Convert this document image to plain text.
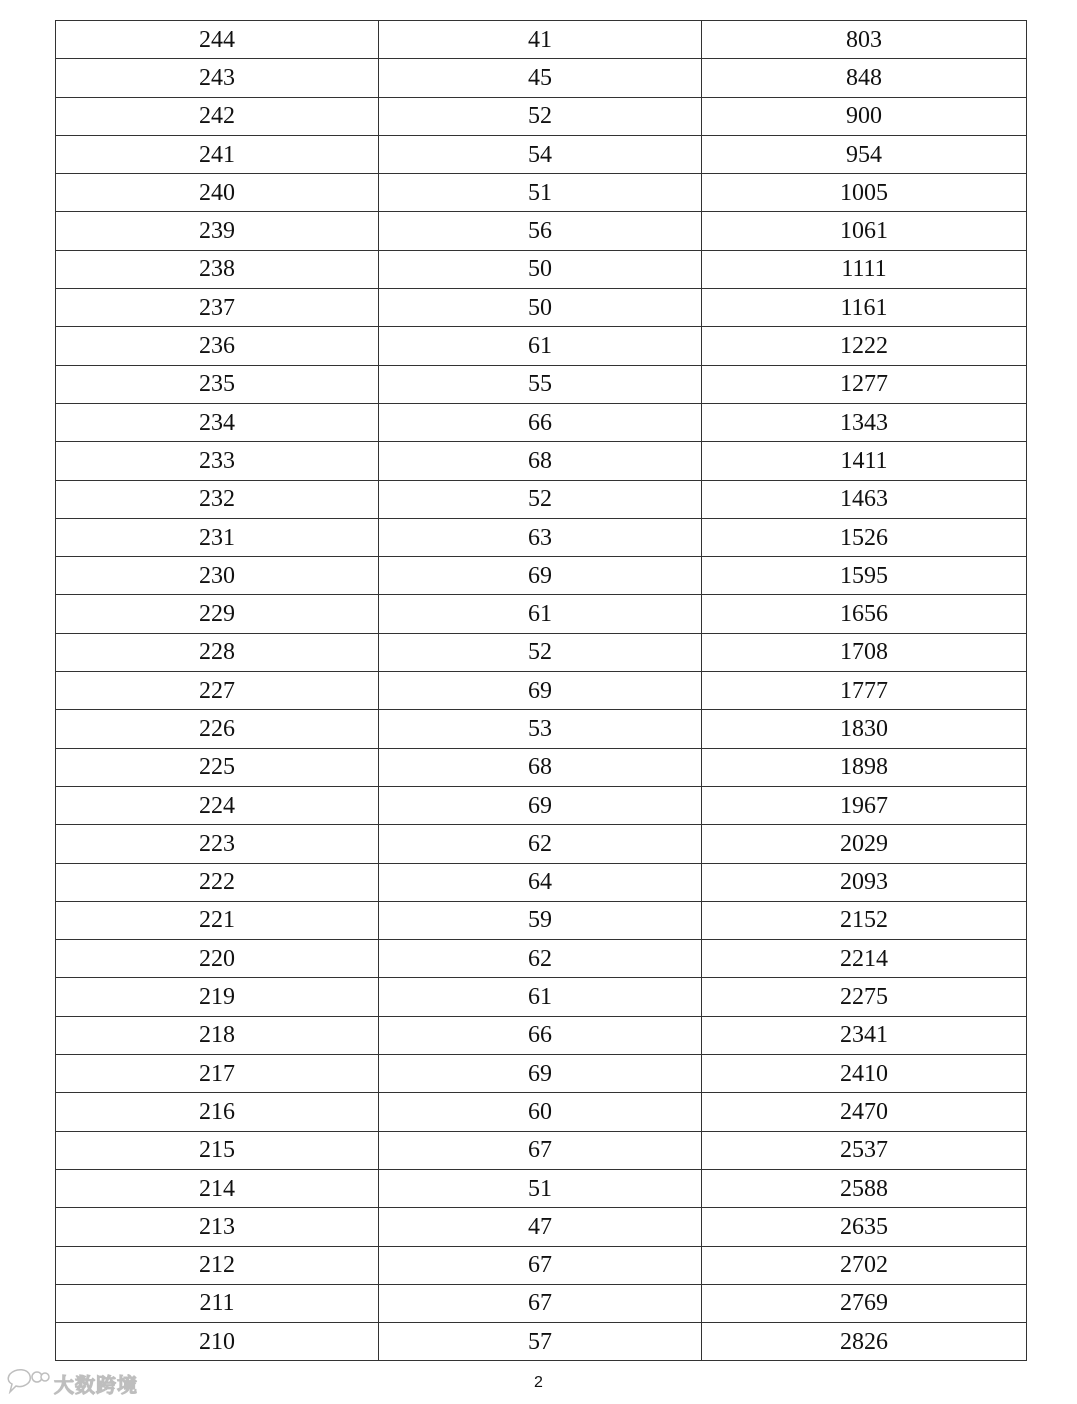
244	41	803
243	45	848
242	52	900
241	54	954
240	51	1005
239	56	1061
238	50	1111
237	50	1161
236	61	1222
235	55	1277
234	66	1343
233	68	1411
232	52	1463
231	63	1526
230	69	1595
229	61	1656
228	52	1708
227	69	1777
226	53	1830
225	68	1898
224	69	1967
223	62	2029
222	64	2093
221	59	2152
220	62	2214
219	61	2275
218	66	2341
217	69	2410
216	60	2470
215	67	2537
214	51	2588
213	47	2635
212	67	2702
211	67	2769
210	57	2826
2
大数跨境
